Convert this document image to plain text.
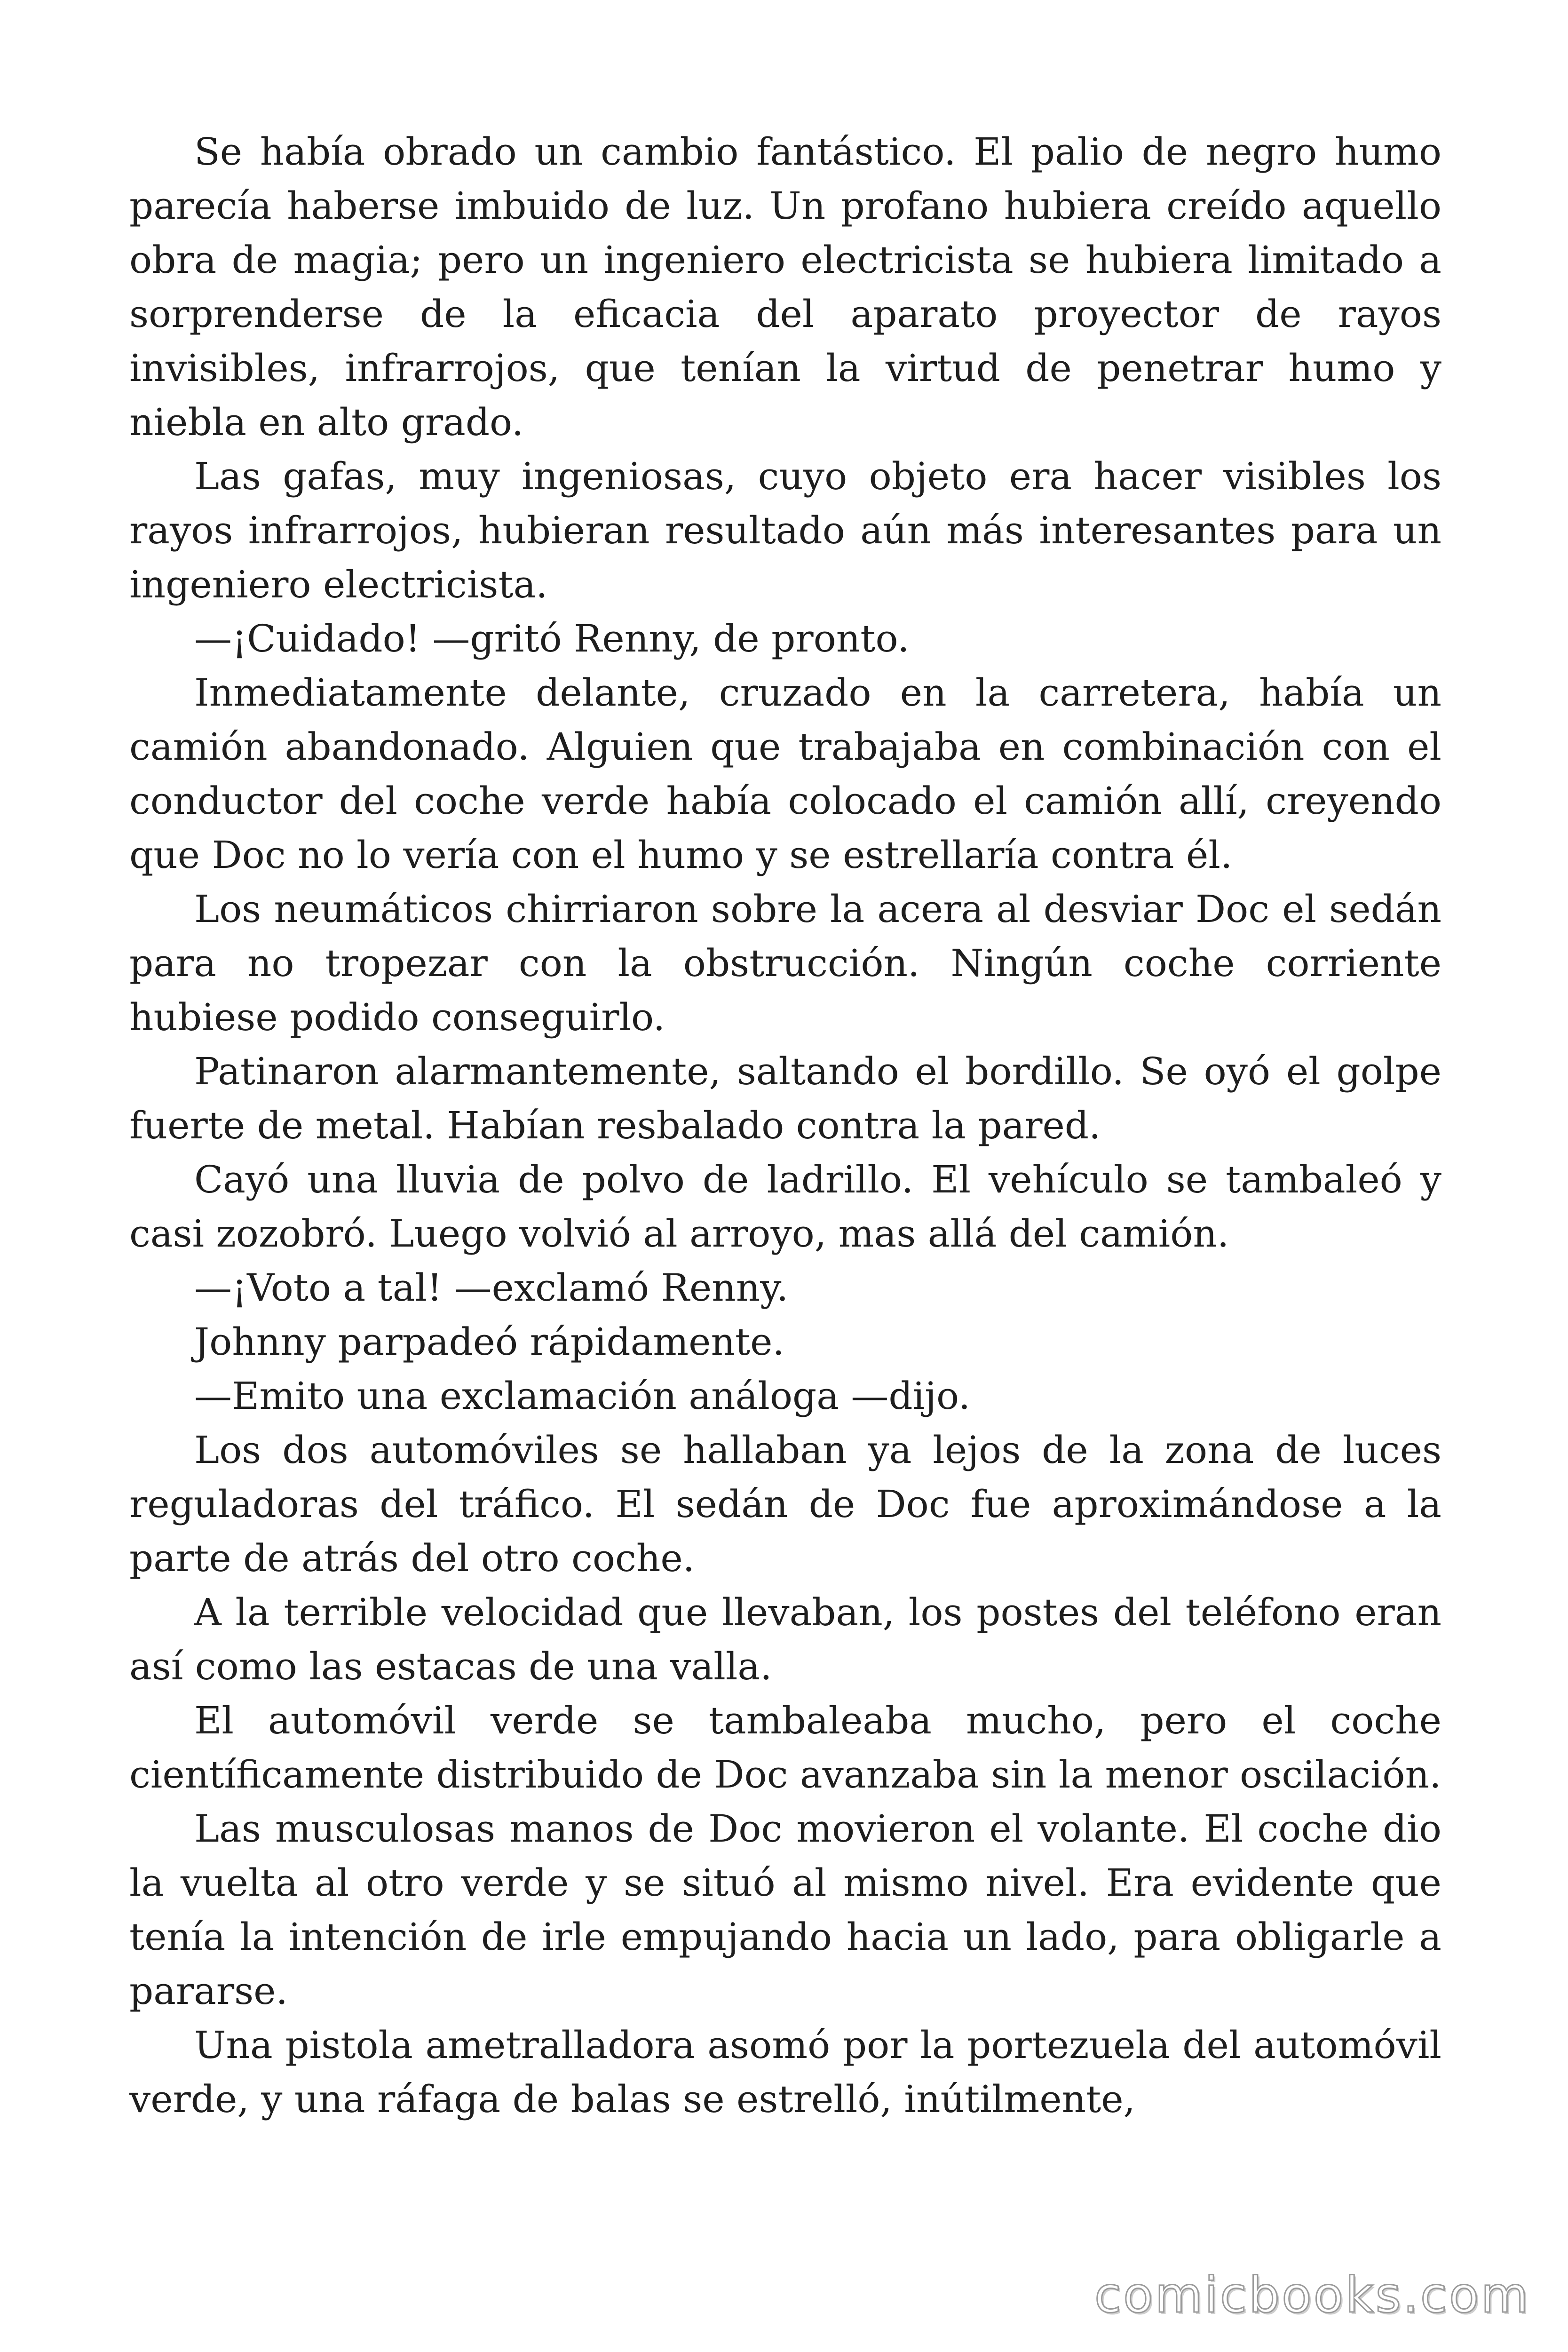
Se había obrado un cambio fantástico. El palio de negro humo parecía haberse imbuido de luz. Un profano hubiera creído aquello obra de magia; pero un ingeniero electricista se hubiera limitado a sorprenderse de la eficacia del aparato proyector de rayos invisibles, infrarrojos, que tenían la virtud de penetrar humo y niebla en alto grado.

Las gafas, muy ingeniosas, cuyo objeto era hacer visibles los rayos infrarrojos, hubieran resultado aún más interesantes para un ingeniero electricista.

—¡Cuidado! —gritó Renny, de pronto.

Inmediatamente delante, cruzado en la carretera, había un camión abandonado. Alguien que trabajaba en combinación con el conductor del coche verde había colocado el camión allí, creyendo que Doc no lo vería con el humo y se estrellaría contra él.

Los neumáticos chirriaron sobre la acera al desviar Doc el sedán para no tropezar con la obstrucción. Ningún coche corriente hubiese podido conseguirlo.

Patinaron alarmantemente, saltando el bordillo. Se oyó el golpe fuerte de metal. Habían resbalado contra la pared.

Cayó una lluvia de polvo de ladrillo. El vehículo se tambaleó y casi zozobró. Luego volvió al arroyo, mas allá del camión.

—¡Voto a tal! —exclamó Renny.

Johnny parpadeó rápidamente.

—Emito una exclamación análoga —dijo.

Los dos automóviles se hallaban ya lejos de la zona de luces reguladoras del tráfico. El sedán de Doc fue aproximándose a la parte de atrás del otro coche.

A la terrible velocidad que llevaban, los postes del teléfono eran así como las estacas de una valla.

El automóvil verde se tambaleaba mucho, pero el coche científicamente distribuido de Doc avanzaba sin la menor oscilación.

Las musculosas manos de Doc movieron el volante. El coche dio la vuelta al otro verde y se situó al mismo nivel. Era evidente que tenía la intención de irle empujando hacia un lado, para obligarle a pararse.

Una pistola ametralladora asomó por la portezuela del automóvil verde, y una ráfaga de balas se estrelló, inútilmente,

comicbooks.com
